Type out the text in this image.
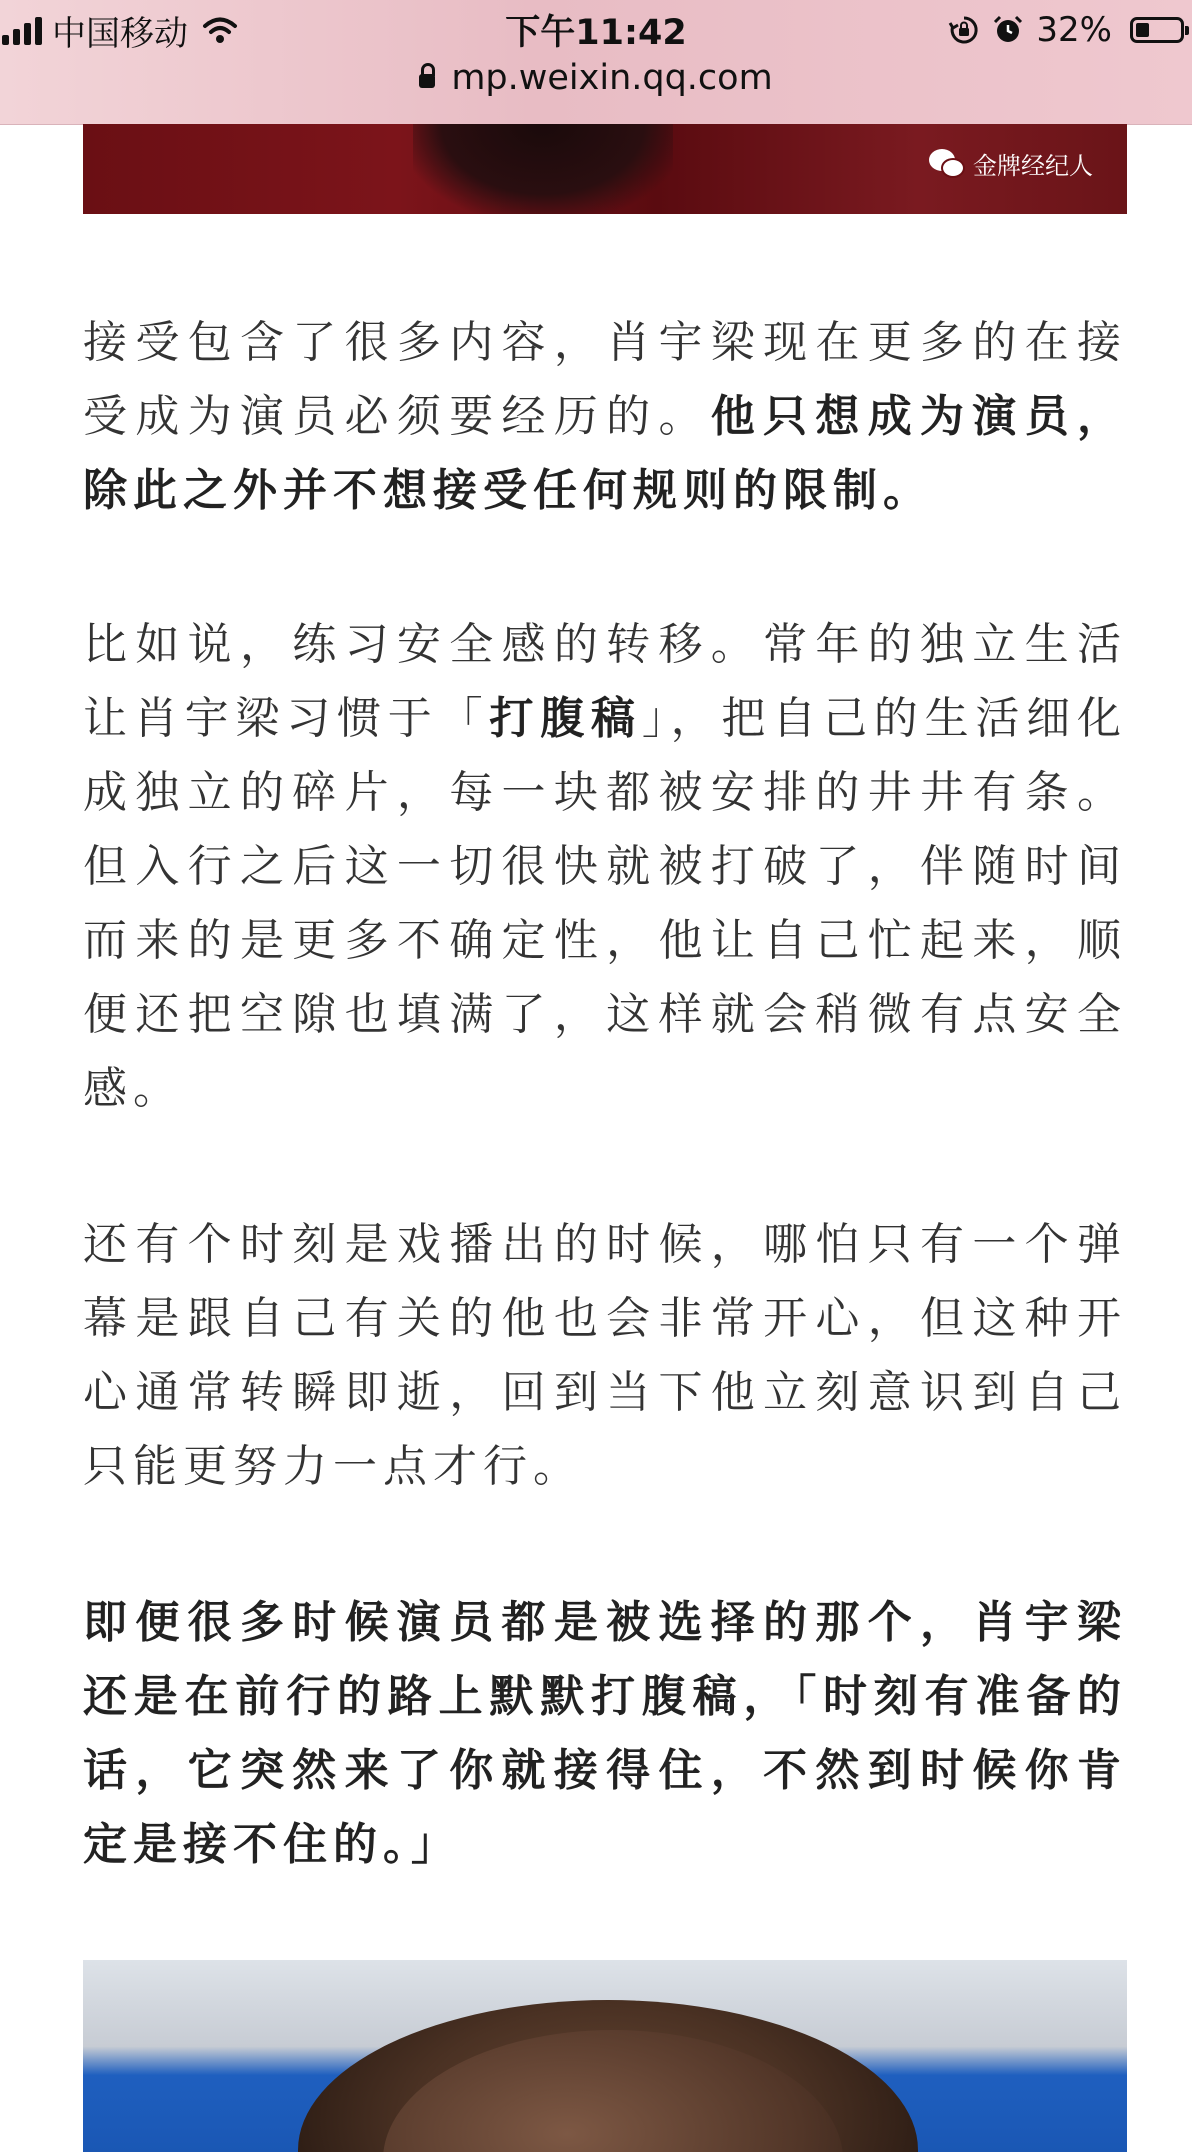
中国移动	下午11:42	32%
mp.weixin.qq.com
金牌经纪人

接受包含了很多内容，肖宇梁现在更多的在接受成为演员必须要经历的。他只想成为演员，除此之外并不想接受任何规则的限制。

比如说，练习安全感的转移。常年的独立生活让肖宇梁习惯于「打腹稿」，把自己的生活细化成独立的碎片，每一块都被安排的井井有条。但入行之后这一切很快就被打破了，伴随时间而来的是更多不确定性，他让自己忙起来，顺便还把空隙也填满了，这样就会稍微有点安全感。

还有个时刻是戏播出的时候，哪怕只有一个弹幕是跟自己有关的他也会非常开心，但这种开心通常转瞬即逝，回到当下他立刻意识到自己只能更努力一点才行。

即便很多时候演员都是被选择的那个，肖宇梁还是在前行的路上默默打腹稿，「时刻有准备的话，它突然来了你就接得住，不然到时候你肯定是接不住的。」
